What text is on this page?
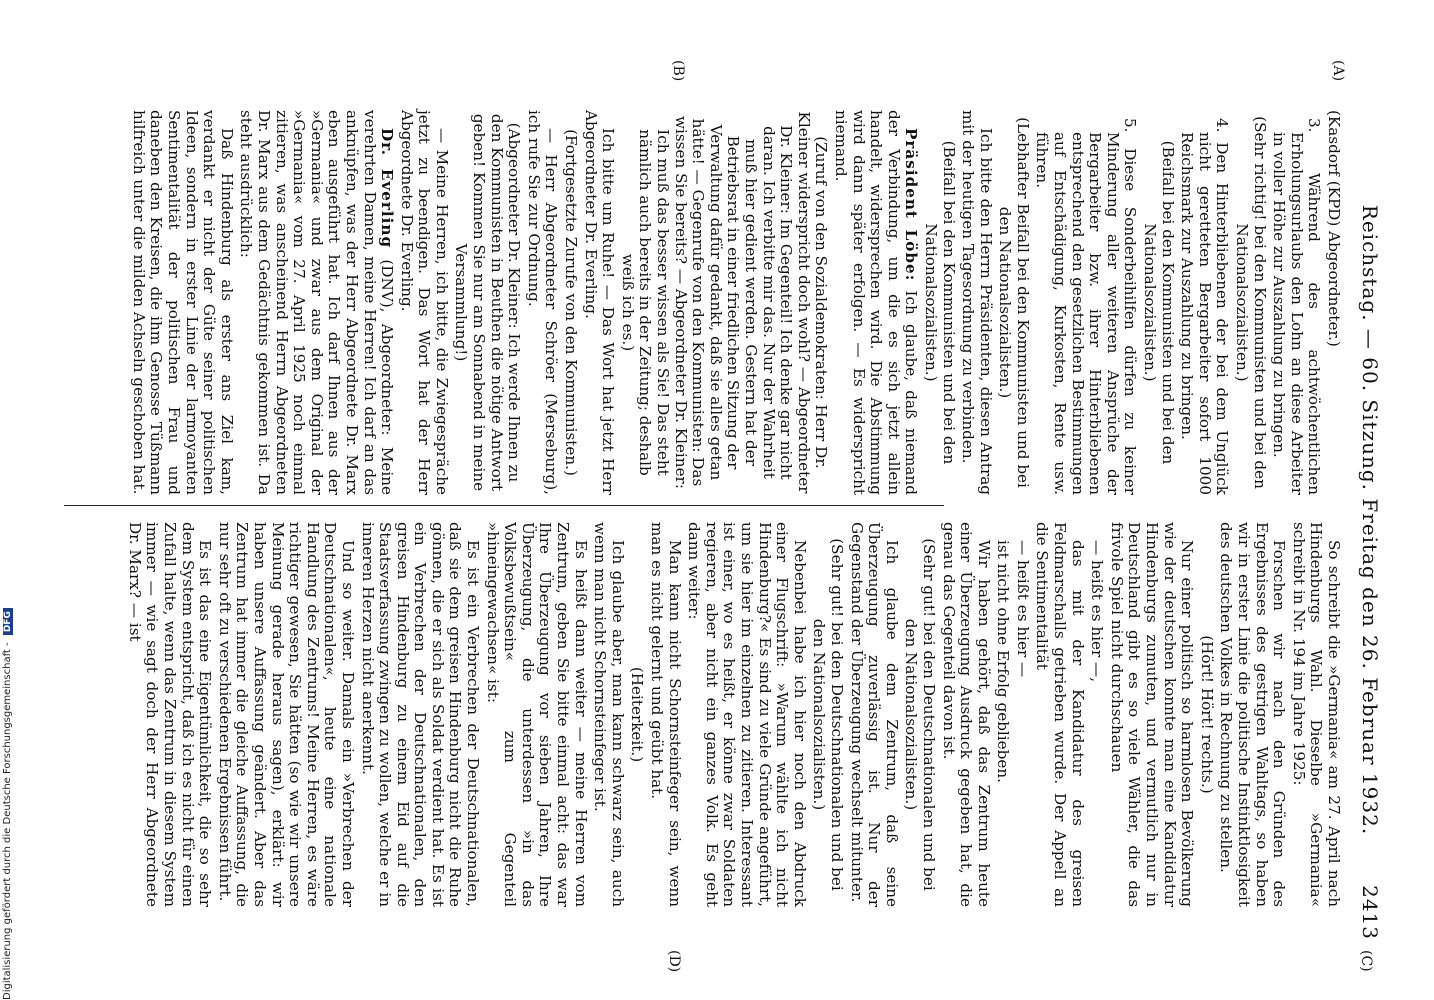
Reichstag. — 60. Sitzung. Freitag den 26. Februar 1932.
2413
(A)
(B)
(C)
(D)

(Kasdorf (KPD) Abgeordneter.)

3. Während des achtwöchentlichen Erholungsurlaubs den Lohn an diese Arbeiter in voller Höhe zur Auszahlung zu bringen.

(Sehr richtig! bei den Kommunisten und bei den Nationalsozialisten.)

4. Den Hinterbliebenen der bei dem Unglück nicht geretteten Bergarbeiter sofort 1000 Reichsmark zur Auszahlung zu bringen.

(Beifall bei den Kommunisten und bei den Nationalsozialisten.)

5. Diese Sonderbeihilfen dürfen zu keiner Minderung aller weiteren Ansprüche der Bergarbeiter bzw. ihrer Hinterbliebenen entsprechend den gesetzlichen Bestimmungen auf Entschädigung, Kurkosten, Rente usw. führen.

(Lebhafter Beifall bei den Kommunisten und bei den Nationalsozialisten.)

Ich bitte den Herrn Präsidenten, diesen Antrag mit der heutigen Tagesordnung zu verbinden.

(Beifall bei den Kommunisten und bei den Nationalsozialisten.)

Präsident Löbe: Ich glaube, daß niemand der Verbindung, um die es sich jetzt allein handelt, widersprechen wird. Die Abstimmung wird dann später erfolgen. — Es widerspricht niemand.

(Zuruf von den Sozialdemokraten: Herr Dr. Kleiner widerspricht doch wohl? — Abgeordneter Dr. Kleiner: Im Gegenteil! Ich denke gar nicht daran. Ich verbitte mir das. Nur der Wahrheit muß hier gedient werden. Gestern hat der Betriebsrat in einer friedlichen Sitzung der Verwaltung dafür gedankt, daß sie alles getan hätte! — Gegenrufe von den Kommunisten: Das wissen Sie bereits? — Abgeordneter Dr. Kleiner: Ich muß das besser wissen als Sie! Das steht nämlich auch bereits in der Zeitung; deshalb weiß ich es.)

Ich bitte um Ruhe! — Das Wort hat jetzt Herr Abgeordneter Dr. Everling.

(Fortgesetzte Zurufe von den Kommunisten.)

— Herr Abgeordneter Schröer (Merseburg), ich rufe Sie zur Ordnung.

(Abgeordneter Dr. Kleiner: Ich werde Ihnen zu den Kommunisten in Beuthen die nötige Antwort geben! Kommen Sie nur am Sonnabend in meine Versammlung!)

— Meine Herren, ich bitte, die Zwiegespräche jetzt zu beendigen. Das Wort hat der Herr Abgeordnete Dr. Everling.

Dr. Everling (DNV), Abgeordneter: Meine verehrten Damen, meine Herren! Ich darf an das anknüpfen, was der Herr Abgeordnete Dr. Marx eben ausgeführt hat. Ich darf Ihnen aus der »Germania« und zwar aus dem Original der »Germania« vom 27. April 1925 noch einmal zitieren, was anscheinend Herrn Abgeordneten Dr. Marx aus dem Gedächtnis gekommen ist. Da steht ausdrücklich:

Daß Hindenburg als erster ans Ziel kam, verdankt er nicht der Güte seiner politischen Ideen, sondern in erster Linie der larmoyanten Sentimentalität der politischen Frau und daneben den Kreisen, die ihm Genosse Tüßmann hilfreich unter die milden Achseln geschoben hat.

So schreibt die »Germania« am 27. April nach Hindenburgs Wahl. Dieselbe »Germania« schreibt in Nr. 194 im Jahre 1925:

Forschen wir nach den Gründen des Ergebnisses des gestrigen Wahltags, so haben wir in erster Linie die politische Instinktlosigkeit des deutschen Volkes in Rechnung zu stellen.

(Hört! Hört! rechts.)

Nur einer politisch so harmlosen Bevölkerung wie der deutschen konnte man eine Kandidatur Hindenburgs zumuten, und vermutlich nur in Deutschland gibt es so viele Wähler, die das frivole Spiel nicht durchschauen

— heißt es hier —,

das mit der Kandidatur des greisen Feldmarschalls getrieben wurde. Der Appell an die Sentimentalität

— heißt es hier —

ist nicht ohne Erfolg geblieben.

Wir haben gehört, daß das Zentrum heute einer Überzeugung Ausdruck gegeben hat, die genau das Gegenteil davon ist.

(Sehr gut! bei den Deutschnationalen und bei den Nationalsozialisten.)

Ich glaube dem Zentrum, daß seine Überzeugung zuverlässig ist. Nur der Gegenstand der Überzeugung wechselt mitunter.

(Sehr gut! bei den Deutschnationalen und bei den Nationalsozialisten.)

Nebenbei habe ich hier noch den Abdruck einer Flugschrift: »Warum wählte ich nicht Hindenburg?« Es sind zu viele Gründe angeführt, um sie hier im einzelnen zu zitieren. Interessant ist einer, wo es heißt, er könne zwar Soldaten regieren, aber nicht ein ganzes Volk. Es geht dann weiter:

Man kann nicht Schornsteinfeger sein, wenn man es nicht gelernt und geübt hat.

(Heiterkeit.)

Ich glaube aber, man kann schwarz sein, auch wenn man nicht Schornsteinfeger ist.

Es heißt dann weiter — meine Herren vom Zentrum, geben Sie bitte einmal acht: das war Ihre Überzeugung vor sieben Jahren, Ihre Überzeugung, die unterdessen »in das Volksbewußtsein« zum Gegenteil »hineingewachsen« ist:

Es ist ein Verbrechen der Deutschnationalen, daß sie dem greisen Hindenburg nicht die Ruhe gönnen, die er sich als Soldat verdient hat. Es ist ein Verbrechen der Deutschnationalen, den greisen Hindenburg zu einem Eid auf die Staatsverfassung zwingen zu wollen, welche er in inneren Herzen nicht anerkennt.

Und so weiter. Damals ein »Verbrechen der Deutschnationalen«, heute eine nationale Handlung des Zentrums! Meine Herren, es wäre richtiger gewesen, Sie hätten (so wie wir unsere Meinung gerade heraus sagen), erklärt: wir haben unsere Auffassung geändert. Aber das Zentrum hat immer die gleiche Auffassung, die nur sehr oft zu verschiedenen Ergebnissen führt.

Es ist das eine Eigentümlichkeit, die so sehr dem System entspricht, daß ich es nicht für einen Zufall halte, wenn das Zentrum in diesem System immer — wie sagt doch der Herr Abgeordnete Dr. Marx? — ist

Digitalisierung gefördert durch die Deutsche Forschungsgemeinschaft - DFG
